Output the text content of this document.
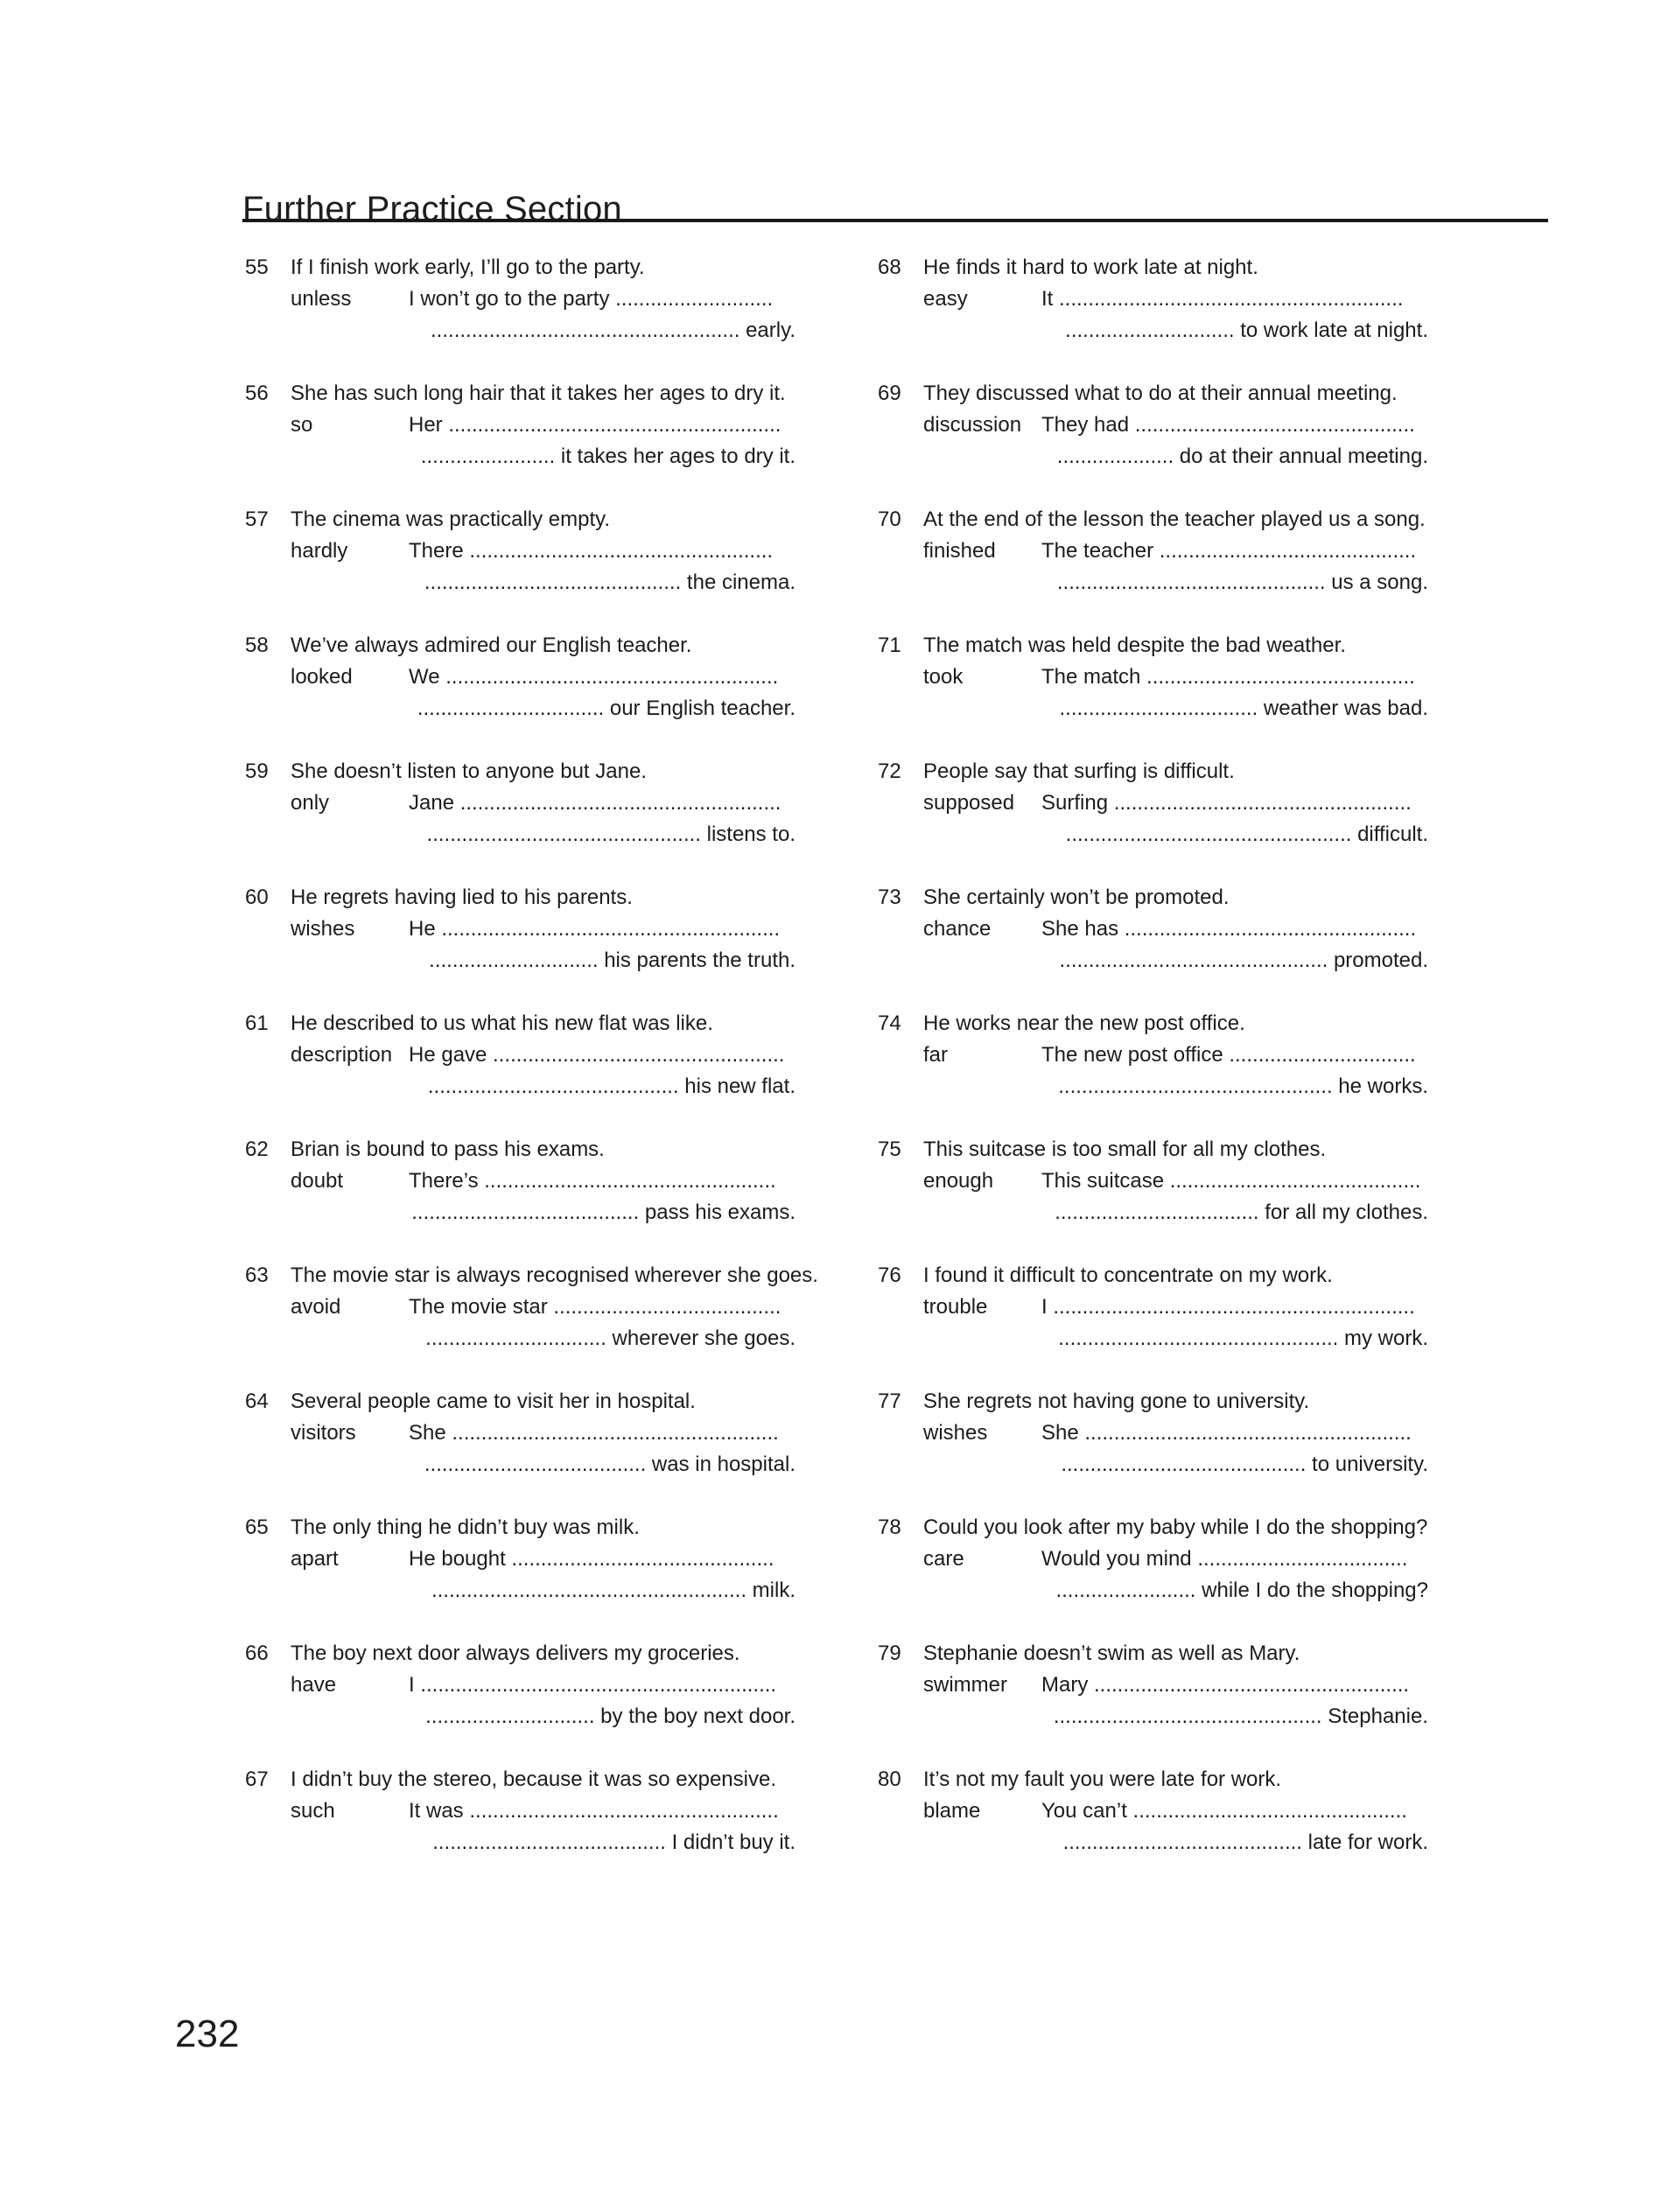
Further Practice Section
55	If I finish work early, I’ll go to the party.
unless	I won’t go to the party ...........................
..................................................... early.
56	She has such long hair that it takes her ages to dry it.
so	Her .........................................................
....................... it takes her ages to dry it.
57	The cinema was practically empty.
hardly	There ....................................................
............................................ the cinema.
58	We’ve always admired our English teacher.
looked	We .........................................................
................................ our English teacher.
59	She doesn’t listen to anyone but Jane.
only	Jane .......................................................
............................................... listens to.
60	He regrets having lied to his parents.
wishes	He ..........................................................
............................. his parents the truth.
61	He described to us what his new flat was like.
description He gave ..................................................
........................................... his new flat.
62	Brian is bound to pass his exams.
doubt	There’s ..................................................
....................................... pass his exams.
63	The movie star is always recognised wherever she goes.
avoid	The movie star .......................................
............................... wherever she goes.
64	Several people came to visit her in hospital.
visitors	She ........................................................
...................................... was in hospital.
65	The only thing he didn’t buy was milk.
apart	He bought .............................................
...................................................... milk.
66	The boy next door always delivers my groceries.
have	I .............................................................
............................. by the boy next door.
67	I didn’t buy the stereo, because it was so expensive.
such	It was .....................................................
........................................ I didn’t buy it.
68	He finds it hard to work late at night.
easy	It ...........................................................
............................. to work late at night.
69	They discussed what to do at their annual meeting.
discussion They had ................................................
.................... do at their annual meeting.
70	At the end of the lesson the teacher played us a song.
finished The teacher ............................................
.............................................. us a song.
71	The match was held despite the bad weather.
took	The match ..............................................
.................................. weather was bad.
72	People say that surfing is difficult.
supposed Surfing ...................................................
................................................. difficult.
73	She certainly won’t be promoted.
chance She has ..................................................
.............................................. promoted.
74	He works near the new post office.
far	The new post office ................................
............................................... he works.
75	This suitcase is too small for all my clothes.
enough This suitcase ...........................................
................................... for all my clothes.
76	I found it difficult to concentrate on my work.
trouble	I ..............................................................
................................................ my work.
77	She regrets not having gone to university.
wishes	She ........................................................
.......................................... to university.
78	Could you look after my baby while I do the shopping?
care	Would you mind ....................................
........................ while I do the shopping?
79	Stephanie doesn’t swim as well as Mary.
swimmer Mary ......................................................
.............................................. Stephanie.
80	It’s not my fault you were late for work.
blame	You can’t ...............................................
......................................... late for work.
232
